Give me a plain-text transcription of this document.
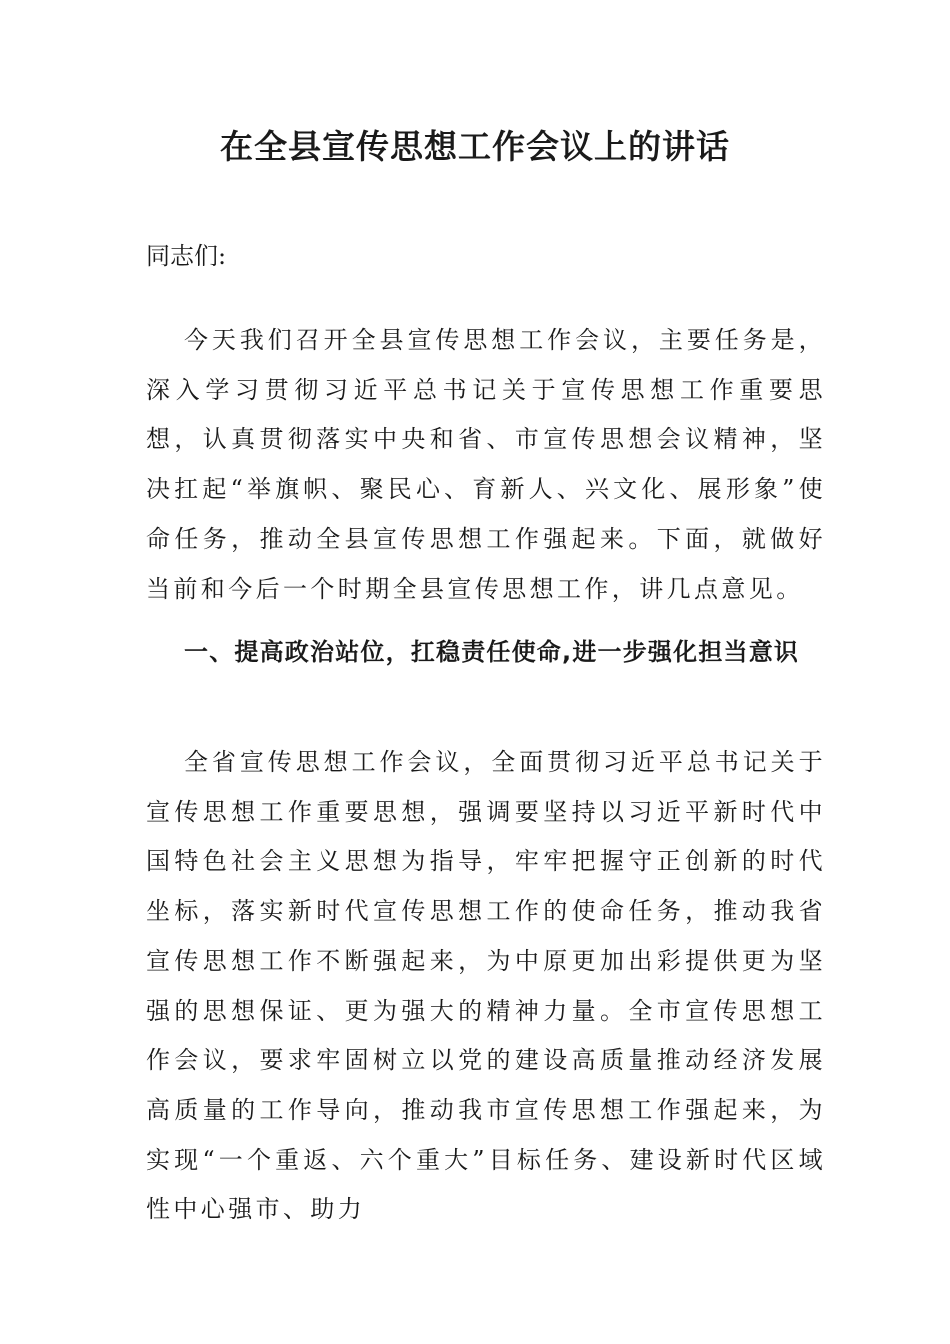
在全县宣传思想工作会议上的讲话

同志们:

今天我们召开全县宣传思想工作会议，主要任务是，深入学习贯彻习近平总书记关于宣传思想工作重要思想，认真贯彻落实中央和省、市宣传思想会议精神，坚决扛起“举旗帜、聚民心、育新人、兴文化、展形象”使命任务，推动全县宣传思想工作强起来。下面，就做好当前和今后一个时期全县宣传思想工作，讲几点意见。

一、提高政治站位，扛稳责任使命,进一步强化担当意识

全省宣传思想工作会议，全面贯彻习近平总书记关于宣传思想工作重要思想，强调要坚持以习近平新时代中国特色社会主义思想为指导，牢牢把握守正创新的时代坐标，落实新时代宣传思想工作的使命任务，推动我省宣传思想工作不断强起来，为中原更加出彩提供更为坚强的思想保证、更为强大的精神力量。全市宣传思想工作会议，要求牢固树立以党的建设高质量推动经济发展高质量的工作导向，推动我市宣传思想工作强起来，为实现“一个重返、六个重大”目标任务、建设新时代区域性中心强市、助力
